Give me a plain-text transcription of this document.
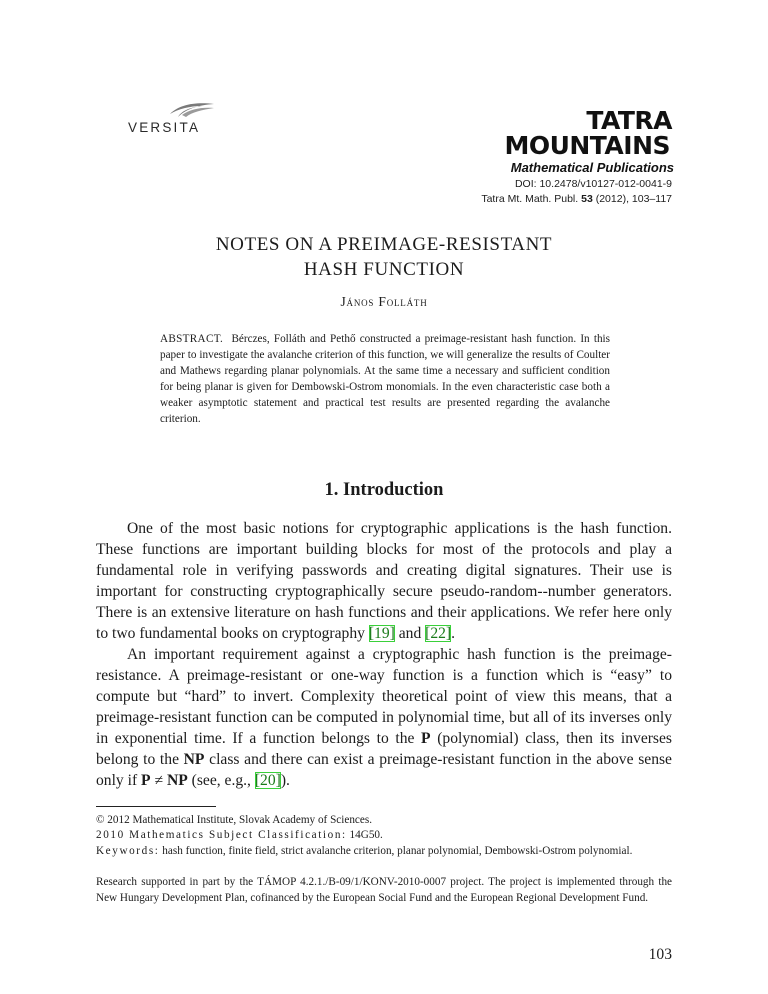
VERSITA	TATRA
MOUNTAINS
Mathematical Publications
DOI: 10.2478/v10127-012-0041-9
Tatra Mt. Math. Publ. 53 (2012), 103–117
NOTES ON A PREIMAGE-RESISTANT
HASH FUNCTION
János Folláth
ABSTRACT. Bérczes, Folláth and Pethő constructed a preimage-resistant hash function. In this paper to investigate the avalanche criterion of this function, we will generalize the results of Coulter and Mathews regarding planar polynomials. At the same time a necessary and sufficient condition for being planar is given for Dembowski-Ostrom monomials. In the even characteristic case both a weaker asymptotic statement and practical test results are presented regarding the avalanche criterion.
1. Introduction
One of the most basic notions for cryptographic applications is the hash function. These functions are important building blocks for most of the protocols and play a fundamental role in verifying passwords and creating digital signatures. Their use is important for constructing cryptographically secure pseudo-random--number generators. There is an extensive literature on hash functions and their applications. We refer here only to two fundamental books on cryptography [19] and [22].
An important requirement against a cryptographic hash function is the preimage-resistance. A preimage-resistant or one-way function is a function which is “easy” to compute but “hard” to invert. Complexity theoretical point of view this means, that a preimage-resistant function can be computed in polynomial time, but all of its inverses only in exponential time. If a function belongs to the P (polynomial) class, then its inverses belong to the NP class and there can exist a preimage-resistant function in the above sense only if P ≠ NP (see, e.g., [20]).
© 2012 Mathematical Institute, Slovak Academy of Sciences.
2010 Mathematics Subject Classification: 14G50.
Keywords: hash function, finite field, strict avalanche criterion, planar polynomial, Dembowski-Ostrom polynomial.
Research supported in part by the TÁMOP 4.2.1./B-09/1/KONV-2010-0007 project. The project is implemented through the New Hungary Development Plan, cofinanced by the European Social Fund and the European Regional Development Fund.
103
